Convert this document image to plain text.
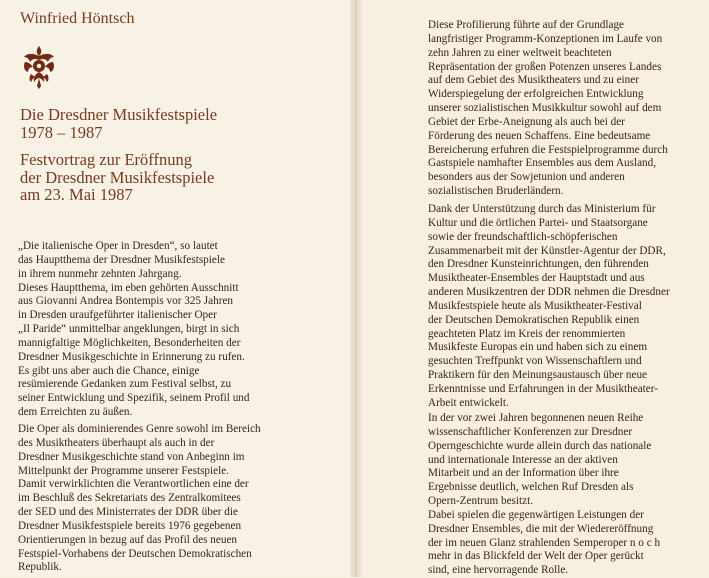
Winfried Höntsch
Die Dresdner Musikfestspiele
1978 – 1987
Festvortrag zur Eröffnung
der Dresdner Musikfestspiele
am 23. Mai 1987
„Die italienische Oper in Dresden“, so lautet
das Hauptthema der Dresdner Musikfestspiele
in ihrem nunmehr zehnten Jahrgang.
Dieses Hauptthema, im eben gehörten Ausschnitt
aus Giovanni Andrea Bontempis vor 325 Jahren
in Dresden uraufgeführter italienischer Oper
„Il Paride“ unmittelbar angeklungen, birgt in sich
mannigfaltige Möglichkeiten, Besonderheiten der
Dresdner Musikgeschichte in Erinnerung zu rufen.
Es gibt uns aber auch die Chance, einige
resümierende Gedanken zum Festival selbst, zu
seiner Entwicklung und Spezifik, seinem Profil und
dem Erreichten zu äußen.
Die Oper als dominierendes Genre sowohl im Bereich
des Musiktheaters überhaupt als auch in der
Dresdner Musikgeschichte stand von Anbeginn im
Mittelpunkt der Programme unserer Festspiele.
Damit verwirklichten die Verantwortlichen eine der
im Beschluß des Sekretariats des Zentralkomitees
der SED und des Ministerrates der DDR über die
Dresdner Musikfestspiele bereits 1976 gegebenen
Orientierungen in bezug auf das Profil des neuen
Festspiel-Vorhabens der Deutschen Demokratischen
Republik.
Diese Profilierung führte auf der Grundlage
langfristiger Programm-Konzeptionen im Laufe von
zehn Jahren zu einer weltweit beachteten
Repräsentation der großen Potenzen unseres Landes
auf dem Gebiet des Musiktheaters und zu einer
Widerspiegelung der erfolgreichen Entwicklung
unserer sozialistischen Musikkultur sowohl auf dem
Gebiet der Erbe-Aneignung als auch bei der
Förderung des neuen Schaffens. Eine bedeutsame
Bereicherung erfuhren die Festspielprogramme durch
Gastspiele namhafter Ensembles aus dem Ausland,
besonders aus der Sowjetunion und anderen
sozialistischen Bruderländern.
Dank der Unterstützung durch das Ministerium für
Kultur und die örtlichen Partei- und Staatsorgane
sowie der freundschaftlich-schöpferischen
Zusammenarbeit mit der Künstler-Agentur der DDR,
den Dresdner Kunsteinrichtungen, den führenden
Musiktheater-Ensembles der Hauptstadt und aus
anderen Musikzentren der DDR nehmen die Dresdner
Musikfestspiele heute als Musiktheater-Festival
der Deutschen Demokratischen Republik einen
geachteten Platz im Kreis der renommierten
Musikfeste Europas ein und haben sich zu einem
gesuchten Treffpunkt von Wissenschaftlern und
Praktikern für den Meinungsaustausch über neue
Erkenntnisse und Erfahrungen in der Musiktheater-
Arbeit entwickelt.
In der vor zwei Jahren begonnenen neuen Reihe
wissenschaftlicher Konferenzen zur Dresdner
Operngeschichte wurde allein durch das nationale
und internationale Interesse an der aktiven
Mitarbeit und an der Information über ihre
Ergebnisse deutlich, welchen Ruf Dresden als
Opern-Zentrum besitzt.
Dabei spielen die gegenwärtigen Leistungen der
Dresdner Ensembles, die mit der Wiedereröffnung
der im neuen Glanz strahlenden Semperoper n o c h
mehr in das Blickfeld der Welt der Oper gerückt
sind, eine hervorragende Rolle.
